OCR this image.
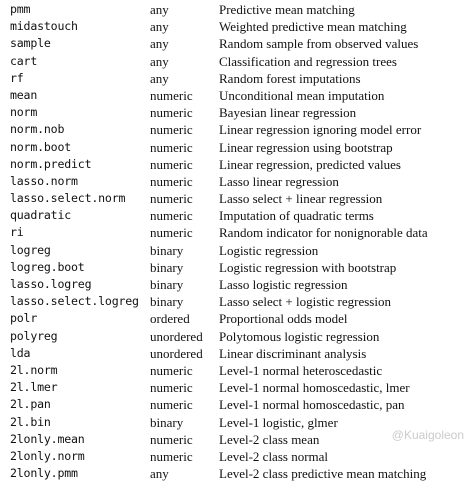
pmm	any	Predictive mean matching
midastouch	any	Weighted predictive mean matching
sample	any	Random sample from observed values
cart	any	Classification and regression trees
rf	any	Random forest imputations
mean	numeric Unconditional mean imputation
norm	numeric Bayesian linear regression
norm.nob	numeric Linear regression ignoring model error
norm.boot	numeric Linear regression using bootstrap
norm.predict	numeric Linear regression, predicted values
lasso.norm	numeric Lasso linear regression
lasso.select.norm numeric Lasso select + linear regression
quadratic	numeric Imputation of quadratic terms
ri	numeric Random indicator for nonignorable data
logreg	binary	Logistic regression
logreg.boot	binary	Logistic regression with bootstrap
lasso.logreg	binary	Lasso logistic regression
lasso.select.logreg binary	Lasso select + logistic regression
polr	ordered Proportional odds model
polyreg	unordered Polytomous logistic regression
lda	unordered Linear discriminant analysis
2l.norm	numeric Level-1 normal heteroscedastic
2l.lmer	numeric Level-1 normal homoscedastic, lmer
2l.pan	numeric Level-1 normal homoscedastic, pan
2l.bin	binary	Level-1 logistic, glmer
2lonly.mean	numeric Level-2 class mean
2lonly.norm	numeric Level-2 class normal
2lonly.pmm	any	Level-2 class predictive mean matching
@Kuaigoleon
